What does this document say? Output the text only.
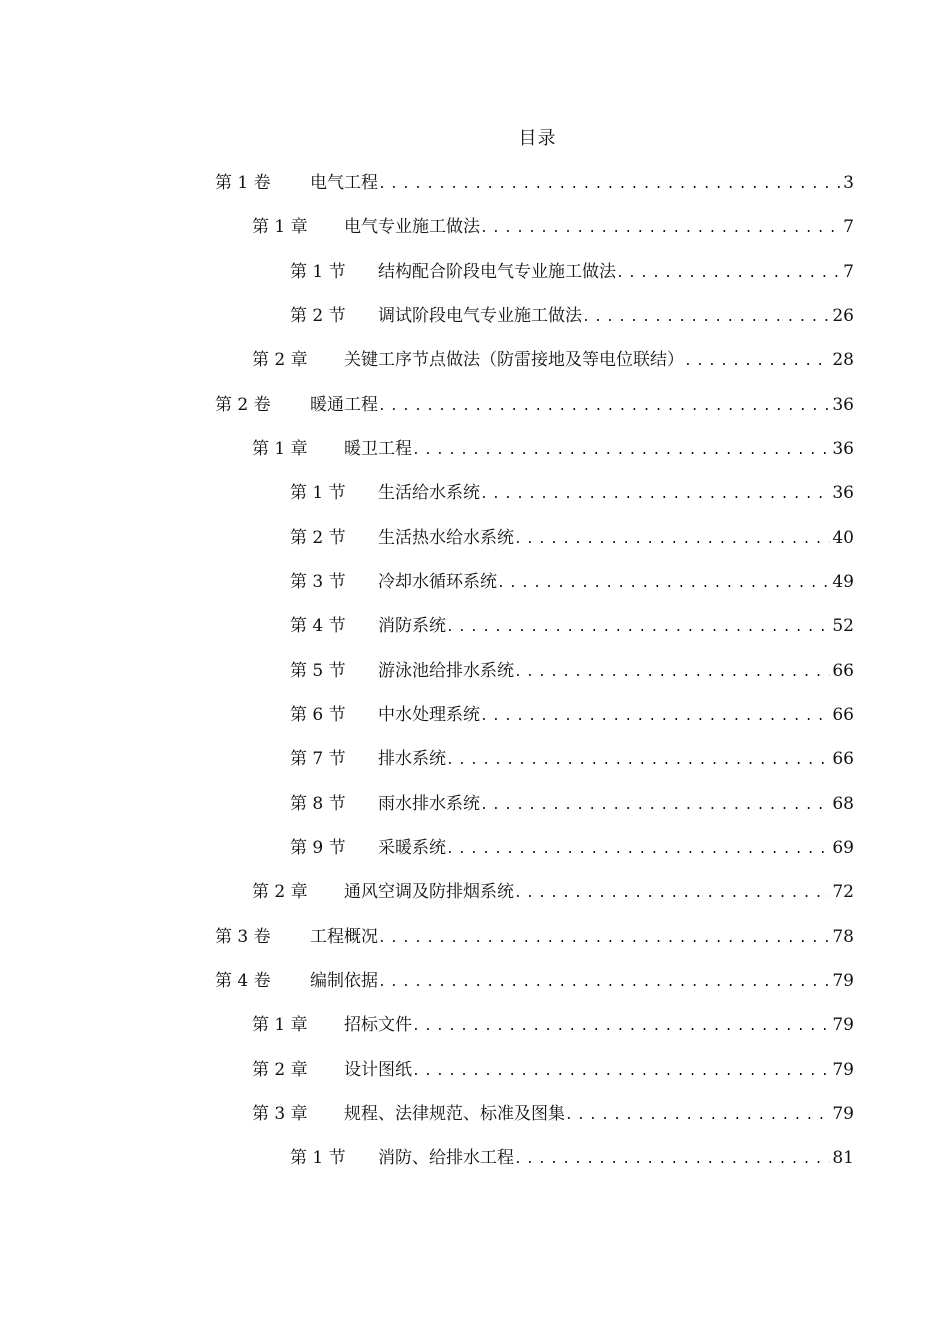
目录
第 1 卷	电气工程 .....	3
第 1 章	电气专业施工做法 .....	7
第 1 节	结构配合阶段电气专业施工做法 .....	7
第 2 节	调试阶段电气专业施工做法 .....	26
第 2 章	关键工序节点做法（防雷接地及等电位联结） .....	28
第 2 卷	暖通工程 .....	36
第 1 章	暖卫工程 .....	36
第 1 节	生活给水系统 .....	36
第 2 节	生活热水给水系统 .....	40
第 3 节	冷却水循环系统 .....	49
第 4 节	消防系统 .....	52
第 5 节	游泳池给排水系统 .....	66
第 6 节	中水处理系统 .....	66
第 7 节	排水系统 .....	66
第 8 节	雨水排水系统 .....	68
第 9 节	采暖系统 .....	69
第 2 章	通风空调及防排烟系统 .....	72
第 3 卷	工程概况 .....	78
第 4 卷	编制依据 .....	79
第 1 章	招标文件 .....	79
第 2 章	设计图纸 .....	79
第 3 章	规程、法律规范、标准及图集 .....	79
第 1 节	消防、给排水工程 .....	81
